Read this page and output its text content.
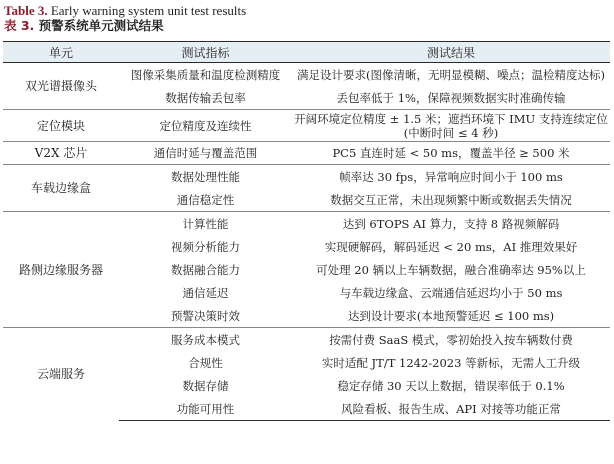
Table 3. Early warning system unit test results
表 3. 预警系统单元测试结果
单元	测试指标	测试结果
双光谱摄像头	图像采集质量和温度检测精度	满足设计要求(图像清晰，无明显模糊、噪点；温检精度达标)
	数据传输丢包率	丢包率低于 1%，保障视频数据实时准确传输
定位模块	定位精度及连续性	开阔环境定位精度 ± 1.5 米；遮挡环境下 IMU 支持连续定位
(中断时间 ≤ 4 秒)

V2X 芯片	通信时延与覆盖范围	PC5 直连时延 < 50 ms，覆盖半径 ≥ 500 米
车载边缘盒	数据处理性能	帧率达 30 fps，异常响应时间小于 100 ms
	通信稳定性	数据交互正常，未出现频繁中断或数据丢失情况
路侧边缘服务器	计算性能	达到 6TOPS AI 算力，支持 8 路视频解码
	视频分析能力	实现硬解码，解码延迟 < 20 ms，AI 推理效果好
	数据融合能力	可处理 20 辆以上车辆数据，融合准确率达 95%以上
	通信延迟	与车载边缘盒、云端通信延迟均小于 50 ms
	预警决策时效	达到设计要求(本地预警延迟 ≤ 100 ms)
云端服务	服务成本模式	按需付费 SaaS 模式，零初始投入按车辆数付费
	合规性	实时适配 JT/T 1242-2023 等新标，无需人工升级
	数据存储	稳定存储 30 天以上数据，错误率低于 0.1%
	功能可用性	风险看板、报告生成、API 对接等功能正常
